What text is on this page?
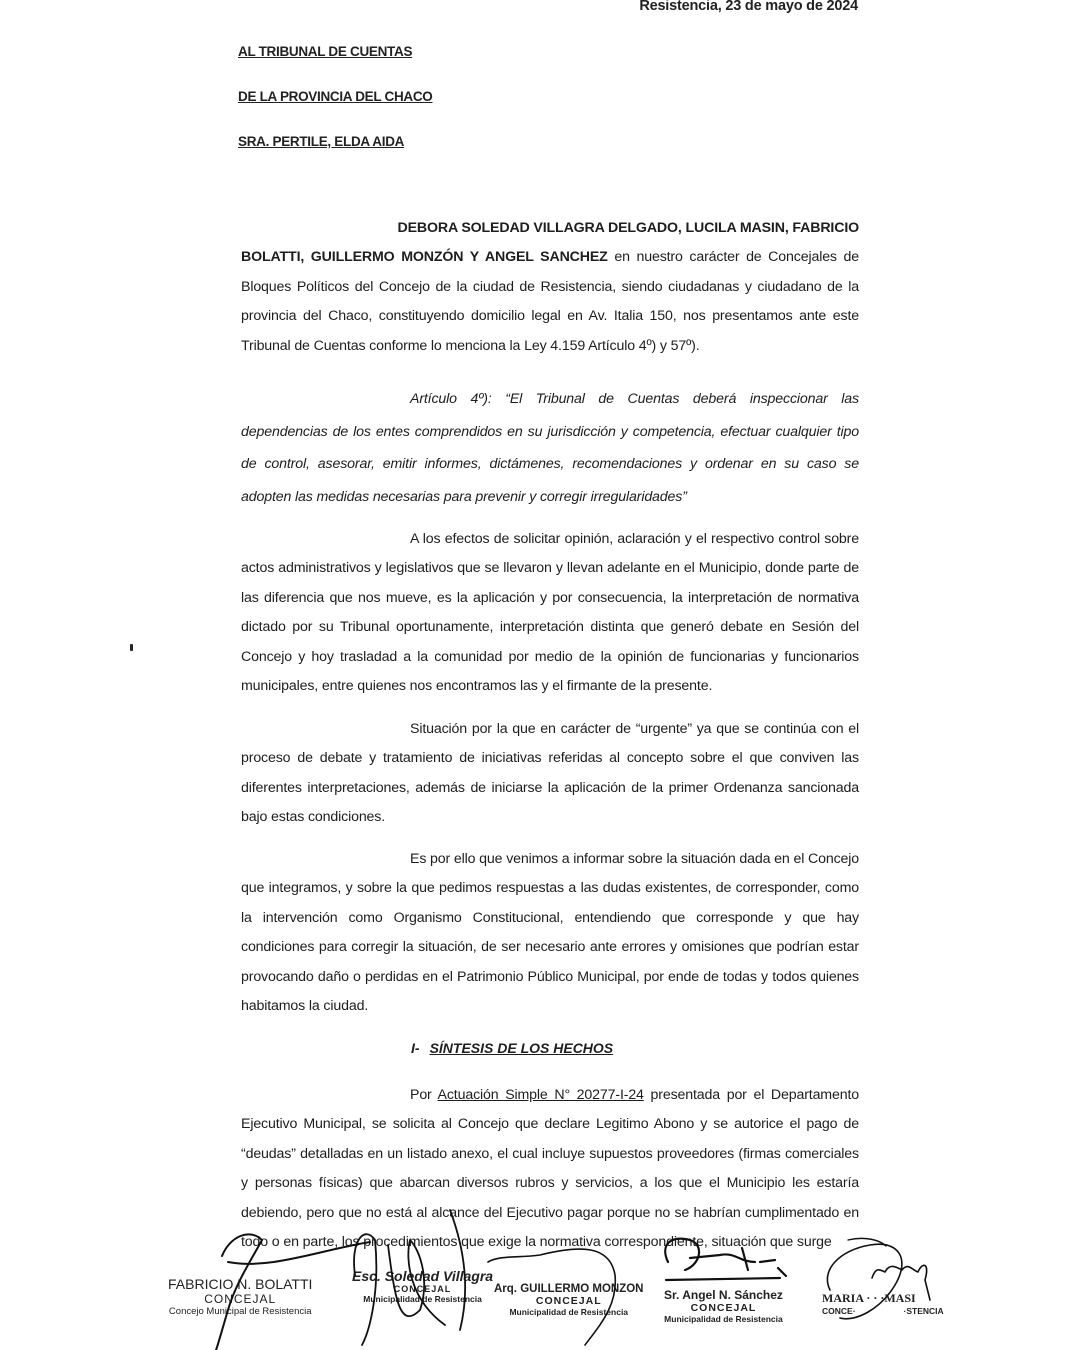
Resistencia, 23 de mayo de 2024
AL TRIBUNAL DE CUENTAS
DE LA PROVINCIA DEL CHACO
SRA. PERTILE, ELDA AIDA
DEBORA SOLEDAD VILLAGRA DELGADO, LUCILA MASIN, FABRICIO
BOLATTI, GUILLERMO MONZÓN Y ANGEL SANCHEZ en nuestro carácter de Concejales de Bloques Políticos del Concejo de la ciudad de Resistencia, siendo ciudadanas y ciudadano de la provincia del Chaco, constituyendo domicilio legal en Av. Italia 150, nos presentamos ante este Tribunal de Cuentas conforme lo menciona la Ley 4.159 Artículo 4º) y 57º).
Artículo 4º): “El Tribunal de Cuentas deberá inspeccionar las dependencias de los entes comprendidos en su jurisdicción y competencia, efectuar cualquier tipo de control, asesorar, emitir informes, dictámenes, recomendaciones y ordenar en su caso se adopten las medidas necesarias para prevenir y corregir irregularidades”
A los efectos de solicitar opinión, aclaración y el respectivo control sobre actos administrativos y legislativos que se llevaron y llevan adelante en el Municipio, donde parte de las diferencia que nos mueve, es la aplicación y por consecuencia, la interpretación de normativa dictado por su Tribunal oportunamente, interpretación distinta que generó debate en Sesión del Concejo y hoy trasladad a la comunidad por medio de la opinión de funcionarias y funcionarios municipales, entre quienes nos encontramos las y el firmante de la presente.
Situación por la que en carácter de “urgente” ya que se continúa con el proceso de debate y tratamiento de iniciativas referidas al concepto sobre el que conviven las diferentes interpretaciones, además de iniciarse la aplicación de la primer Ordenanza sancionada bajo estas condiciones.
Es por ello que venimos a informar sobre la situación dada en el Concejo que integramos, y sobre la que pedimos respuestas a las dudas existentes, de corresponder, como la intervención como Organismo Constitucional, entendiendo que corresponde y que hay condiciones para corregir la situación, de ser necesario ante errores y omisiones que podrían estar provocando daño o perdidas en el Patrimonio Público Municipal, por ende de todas y todos quienes habitamos la ciudad.
I- SÍNTESIS DE LOS HECHOS
Por Actuación Simple N° 20277-I-24 presentada por el Departamento Ejecutivo Municipal, se solicita al Concejo que declare Legitimo Abono y se autorice el pago de “deudas” detalladas en un listado anexo, el cual incluye supuestos proveedores (firmas comerciales y personas físicas) que abarcan diversos rubros y servicios, a los que el Municipio les estaría debiendo, pero que no está al alcance del Ejecutivo pagar porque no se habrían cumplimentado en todo o en parte, los procedimientos que exige la normativa correspondiente, situación que surge
FABRICIO N. BOLATTI
CONCEJAL
Concejo Municipal de Resistencia
Esc. Soledad Villagra
CONCEJAL
Municipalidad de Resistencia
Arq. GUILLERMO MONZON
CONCEJAL
Municipalidad de Resistencia
Sr. Angel N. Sánchez
CONCEJAL
Municipalidad de Resistencia
MARIA · · ·MASI
CONCE·	·STENCIA
